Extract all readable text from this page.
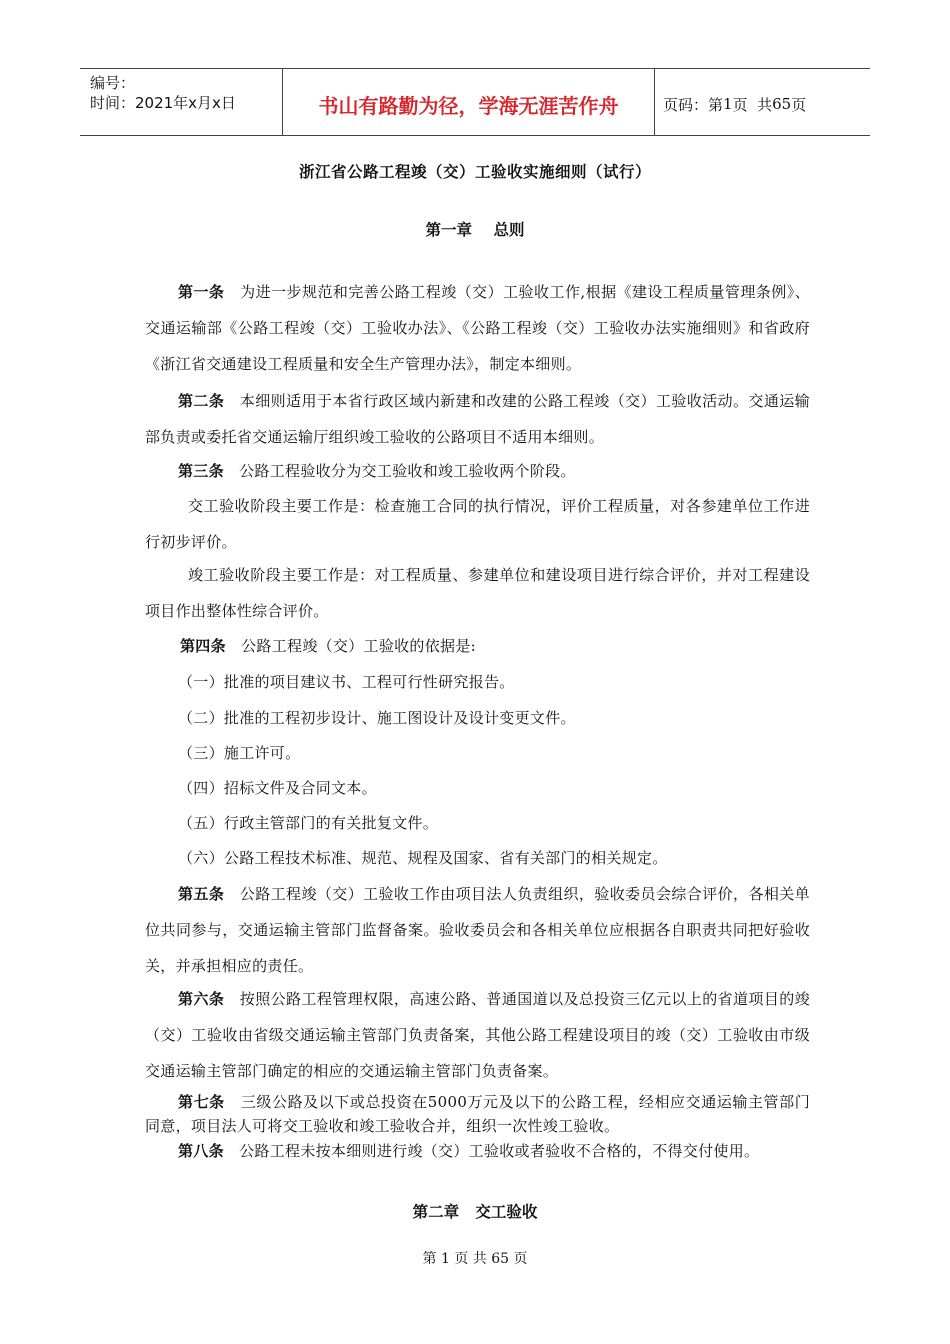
编号：
时间：2021年x月x日	书山有路勤为径，学海无涯苦作舟	页码：第 1 页  共 65 页
浙江省公路工程竣（交）工验收实施细则（试行）
第一章 总则
第一条 为进一步规范和完善公路工程竣（交）工验收工作,根据《建设工程质量管理条例》、交通运输部《公路工程竣（交）工验收办法》、《公路工程竣（交）工验收办法实施细则》和省政府《浙江省交通建设工程质量和安全生产管理办法》，制定本细则。
第二条 本细则适用于本省行政区域内新建和改建的公路工程竣（交）工验收活动。交通运输部负责或委托省交通运输厅组织竣工验收的公路项目不适用本细则。
第三条 公路工程验收分为交工验收和竣工验收两个阶段。
交工验收阶段主要工作是：检查施工合同的执行情况，评价工程质量，对各参建单位工作进行初步评价。
竣工验收阶段主要工作是：对工程质量、参建单位和建设项目进行综合评价，并对工程建设项目作出整体性综合评价。
第四条 公路工程竣（交）工验收的依据是:
（一）批准的项目建议书、工程可行性研究报告。
（二）批准的工程初步设计、施工图设计及设计变更文件。
（三）施工许可。
（四）招标文件及合同文本。
（五）行政主管部门的有关批复文件。
（六）公路工程技术标准、规范、规程及国家、省有关部门的相关规定。
第五条 公路工程竣（交）工验收工作由项目法人负责组织，验收委员会综合评价，各相关单位共同参与，交通运输主管部门监督备案。验收委员会和各相关单位应根据各自职责共同把好验收关，并承担相应的责任。
第六条 按照公路工程管理权限，高速公路、普通国道以及总投资三亿元以上的省道项目的竣（交）工验收由省级交通运输主管部门负责备案，其他公路工程建设项目的竣（交）工验收由市级交通运输主管部门确定的相应的交通运输主管部门负责备案。
第七条 三级公路及以下或总投资在5000万元及以下的公路工程，经相应交通运输主管部门同意，项目法人可将交工验收和竣工验收合并，组织一次性竣工验收。
第八条 公路工程未按本细则进行竣（交）工验收或者验收不合格的，不得交付使用。
第二章 交工验收
第 1 页 共 65 页
